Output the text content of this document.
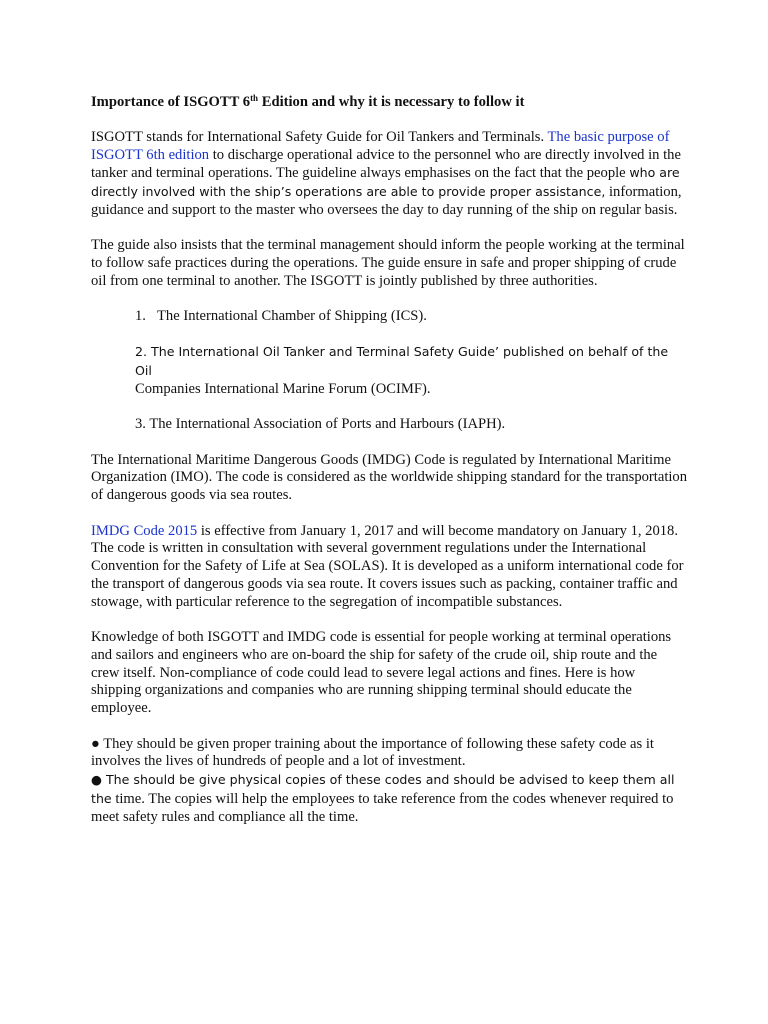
Importance of ISGOTT 6th Edition and why it is necessary to follow it

ISGOTT stands for International Safety Guide for Oil Tankers and Terminals. The basic purpose of ISGOTT 6th edition to discharge operational advice to the personnel who are directly involved in the tanker and terminal operations. The guideline always emphasises on the fact that the people who are directly involved with the ship’s operations are able to provide proper assistance, information, guidance and support to the master who oversees the day to day running of the ship on regular basis.

The guide also insists that the terminal management should inform the people working at the terminal to follow safe practices during the operations. The guide ensure in safe and proper shipping of crude oil from one terminal to another. The ISGOTT is jointly published by three authorities.

1. The International Chamber of Shipping (ICS).
2. The International Oil Tanker and Terminal Safety Guide’ published on behalf of the Oil
Companies International Marine Forum (OCIMF).
3. The International Association of Ports and Harbours (IAPH).

The International Maritime Dangerous Goods (IMDG) Code is regulated by International Maritime Organization (IMO). The code is considered as the worldwide shipping standard for the transportation of dangerous goods via sea routes.

IMDG Code 2015 is effective from January 1, 2017 and will become mandatory on January 1, 2018. The code is written in consultation with several government regulations under the International Convention for the Safety of Life at Sea (SOLAS). It is developed as a uniform international code for the transport of dangerous goods via sea route. It covers issues such as packing, container traffic and stowage, with particular reference to the segregation of incompatible substances.

Knowledge of both ISGOTT and IMDG code is essential for people working at terminal operations and sailors and engineers who are on-board the ship for safety of the crude oil, ship route and the crew itself. Non-compliance of code could lead to severe legal actions and fines. Here is how shipping organizations and companies who are running shipping terminal should educate the employee.

● They should be given proper training about the importance of following these safety code as it involves the lives of hundreds of people and a lot of investment.

● The should be give physical copies of these codes and should be advised to keep them all the time. The copies will help the employees to take reference from the codes whenever required to meet safety rules and compliance all the time.
